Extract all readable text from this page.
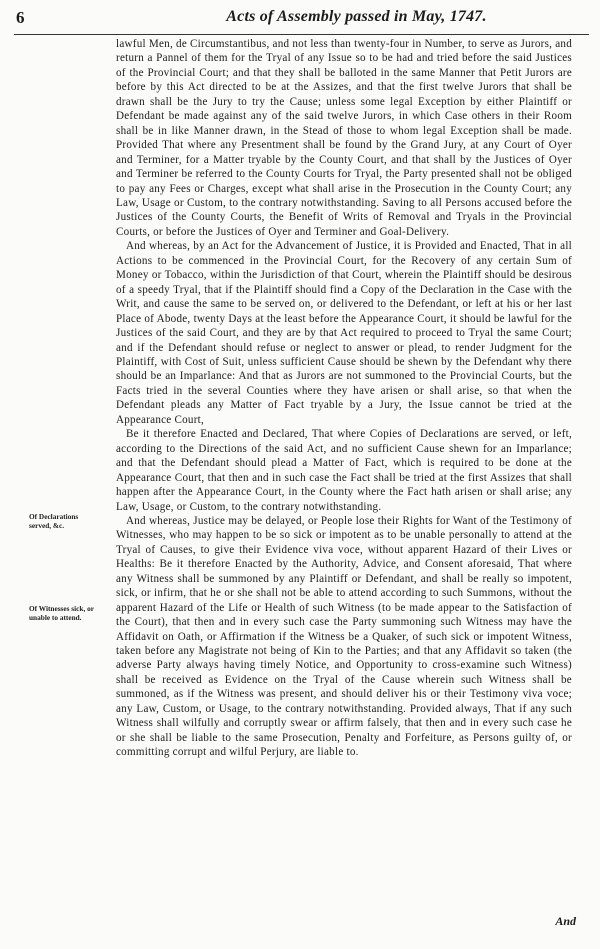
6	Acts of Assembly passed in May, 1747.
Of Declarations served, &c.
Of Witnesses sick, or unable to attend.

lawful Men, de Circumstantibus, and not less than twenty-four in Number, to serve as Jurors, and return a Pannel of them for the Tryal of any Issue so to be had and tried before the said Justices of the Provincial Court; and that they shall be balloted in the same Manner that Petit Jurors are before by this Act directed to be at the Assizes, and that the first twelve Jurors that shall be drawn shall be the Jury to try the Cause; unless some legal Exception by either Plaintiff or Defendant be made against any of the said twelve Jurors, in which Case others in their Room shall be in like Manner drawn, in the Stead of those to whom legal Exception shall be made. Provided That where any Presentment shall be found by the Grand Jury, at any Court of Oyer and Terminer, for a Matter tryable by the County Court, and that shall by the Justices of Oyer and Terminer be referred to the County Courts for Tryal, the Party presented shall not be obliged to pay any Fees or Charges, except what shall arise in the Prosecution in the County Court; any Law, Usage or Custom, to the contrary notwithstanding. Saving to all Persons accused before the Justices of the County Courts, the Benefit of Writs of Removal and Tryals in the Provincial Courts, or before the Justices of Oyer and Terminer and Goal-Delivery.

And whereas, by an Act for the Advancement of Justice, it is Provided and Enacted, That in all Actions to be commenced in the Provincial Court, for the Recovery of any certain Sum of Money or Tobacco, within the Jurisdiction of that Court, wherein the Plaintiff should be desirous of a speedy Tryal, that if the Plaintiff should find a Copy of the Declaration in the Case with the Writ, and cause the same to be served on, or delivered to the Defendant, or left at his or her last Place of Abode, twenty Days at the least before the Appearance Court, it should be lawful for the Justices of the said Court, and they are by that Act required to proceed to Tryal the same Court; and if the Defendant should refuse or neglect to answer or plead, to render Judgment for the Plaintiff, with Cost of Suit, unless sufficient Cause should be shewn by the Defendant why there should be an Imparlance: And that as Jurors are not summoned to the Provincial Courts, but the Facts tried in the several Counties where they have arisen or shall arise, so that when the Defendant pleads any Matter of Fact tryable by a Jury, the Issue cannot be tried at the Appearance Court,

Be it therefore Enacted and Declared, That where Copies of Declarations are served, or left, according to the Directions of the said Act, and no sufficient Cause shewn for an Imparlance; and that the Defendant should plead a Matter of Fact, which is required to be done at the Appearance Court, that then and in such case the Fact shall be tried at the first Assizes that shall happen after the Appearance Court, in the County where the Fact hath arisen or shall arise; any Law, Usage, or Custom, to the contrary notwithstanding.

And whereas, Justice may be delayed, or People lose their Rights for Want of the Testimony of Witnesses, who may happen to be so sick or impotent as to be unable personally to attend at the Tryal of Causes, to give their Evidence viva voce, without apparent Hazard of their Lives or Healths: Be it therefore Enacted by the Authority, Advice, and Consent aforesaid, That where any Witness shall be summoned by any Plaintiff or Defendant, and shall be really so impotent, sick, or infirm, that he or she shall not be able to attend according to such Summons, without the apparent Hazard of the Life or Health of such Witness (to be made appear to the Satisfaction of the Court), that then and in every such case the Party summoning such Witness may have the Affidavit on Oath, or Affirmation if the Witness be a Quaker, of such sick or impotent Witness, taken before any Magistrate not being of Kin to the Parties; and that any Affidavit so taken (the adverse Party always having timely Notice, and Opportunity to cross-examine such Witness) shall be received as Evidence on the Tryal of the Cause wherein such Witness shall be summoned, as if the Witness was present, and should deliver his or their Testimony viva voce; any Law, Custom, or Usage, to the contrary notwithstanding. Provided always, That if any such Witness shall wilfully and corruptly swear or affirm falsely, that then and in every such case he or she shall be liable to the same Prosecution, Penalty and Forfeiture, as Persons guilty of, or committing corrupt and wilful Perjury, are liable to.

And
